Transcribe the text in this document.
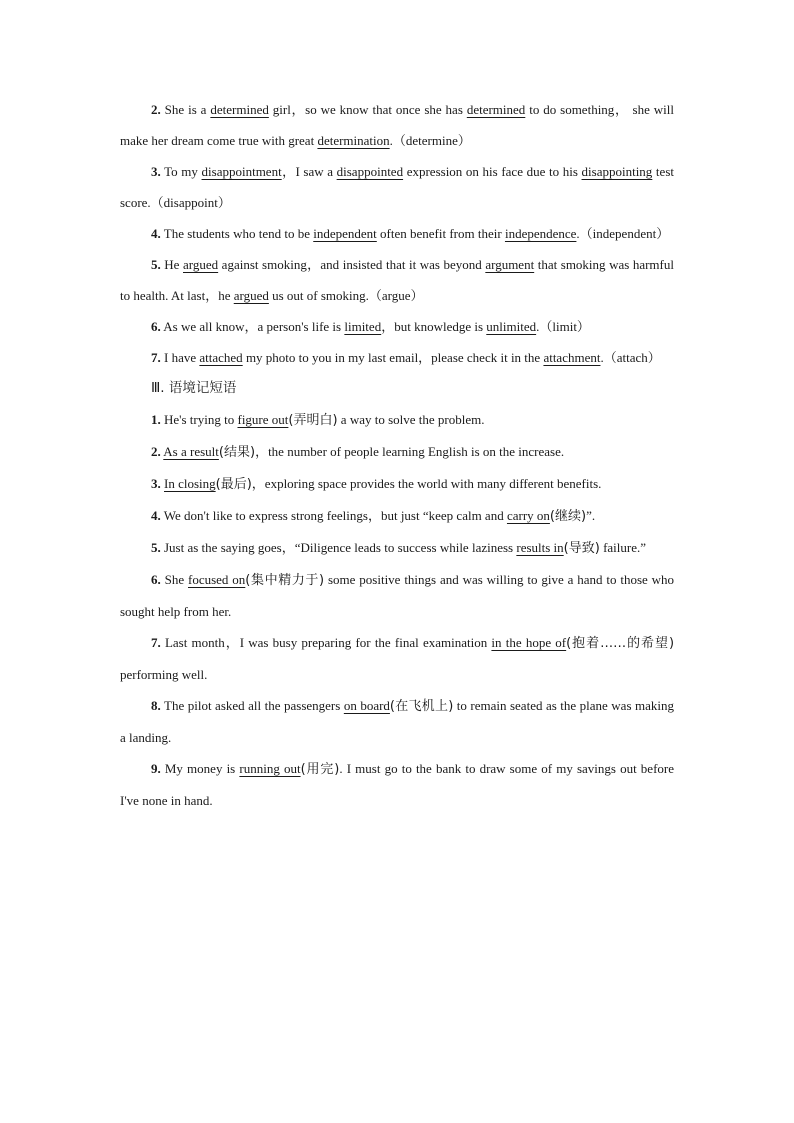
2. She is a determined girl，so we know that once she has determined to do something， she will make her dream come true with great determination.（determine）

3. To my disappointment，I saw a disappointed expression on his face due to his disappointing test score.（disappoint）

4. The students who tend to be independent often benefit from their independence.（independent）

5. He argued against smoking，and insisted that it was beyond argument that smoking was harmful to health. At last，he argued us out of smoking.（argue）

6. As we all know，a person's life is limited，but knowledge is unlimited.（limit）

7. I have attached my photo to you in my last email，please check it in the attachment.（attach）

Ⅲ. 语境记短语

1. He's trying to figure out(弄明白) a way to solve the problem.

2. As a result(结果)，the number of people learning English is on the increase.

3. In closing(最后)，exploring space provides the world with many different benefits.

4. We don't like to express strong feelings，but just “keep calm and carry on(继续)”.

5. Just as the saying goes，“Diligence leads to success while laziness results in(导致) failure.”

6. She focused on(集中精力于) some positive things and was willing to give a hand to those who sought help from her.

7. Last month，I was busy preparing for the final examination in the hope of(抱着……的希望) performing well.

8. The pilot asked all the passengers on board(在飞机上) to remain seated as the plane was making a landing.

9. My money is running out(用完). I must go to the bank to draw some of my savings out before I've none in hand.
